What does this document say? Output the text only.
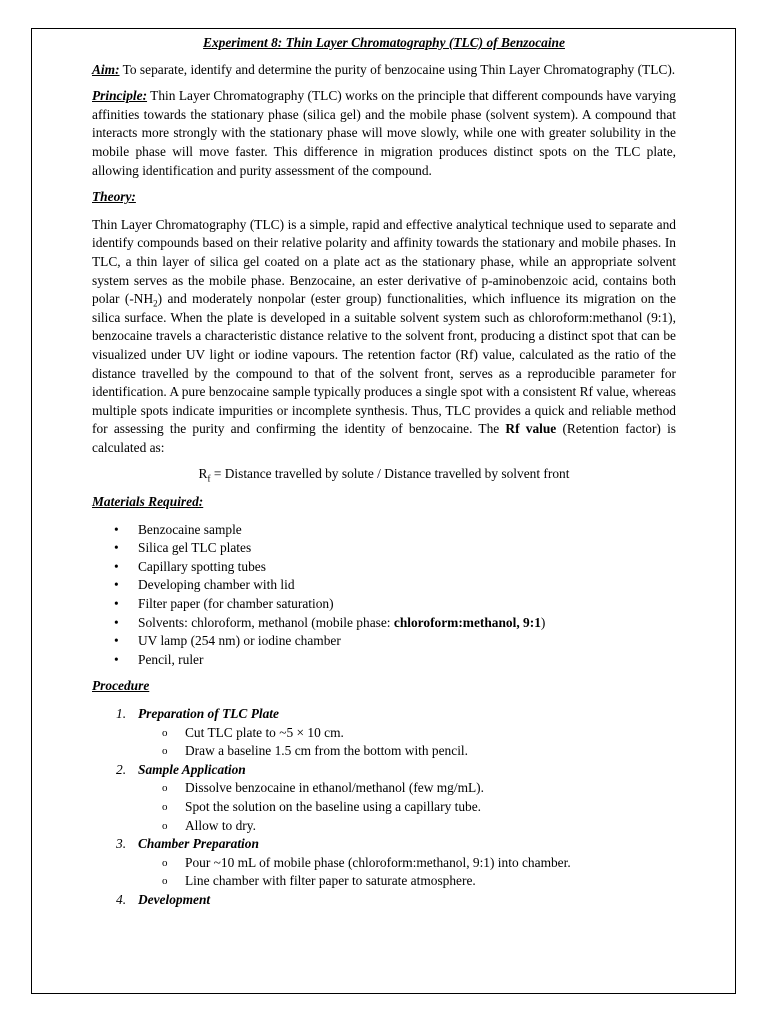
Experiment 8: Thin Layer Chromatography (TLC) of Benzocaine

Aim: To separate, identify and determine the purity of benzocaine using Thin Layer Chromatography (TLC).

Principle: Thin Layer Chromatography (TLC) works on the principle that different compounds have varying affinities towards the stationary phase (silica gel) and the mobile phase (solvent system). A compound that interacts more strongly with the stationary phase will move slowly, while one with greater solubility in the mobile phase will move faster. This difference in migration produces distinct spots on the TLC plate, allowing identification and purity assessment of the compound.

Theory:

Thin Layer Chromatography (TLC) is a simple, rapid and effective analytical technique used to separate and identify compounds based on their relative polarity and affinity towards the stationary and mobile phases. In TLC, a thin layer of silica gel coated on a plate act as the stationary phase, while an appropriate solvent system serves as the mobile phase. Benzocaine, an ester derivative of p-aminobenzoic acid, contains both polar $(-NH_2)$ and moderately nonpolar (ester group) functionalities, which influence its migration on the silica surface. When the plate is developed in a suitable solvent system such as chloroform:methanol (9:1), benzocaine travels a characteristic distance relative to the solvent front, producing a distinct spot that can be visualized under UV light or iodine vapours. The retention factor (Rf) value, calculated as the ratio of the distance travelled by the compound to that of the solvent front, serves as a reproducible parameter for identification. A pure benzocaine sample typically produces a single spot with a consistent Rf value, whereas multiple spots indicate impurities or incomplete synthesis. Thus, TLC provides a quick and reliable method for assessing the purity and confirming the identity of benzocaine. The Rf value (Retention factor) is calculated as:

$R_f$ = Distance travelled by solute / Distance travelled by solvent front
Materials Required:
• Benzocaine sample
• Silica gel TLC plates
• Capillary spotting tubes
• Developing chamber with lid
• Filter paper (for chamber saturation)
• Solvents: chloroform, methanol (mobile phase: chloroform:methanol, 9:1)
• UV lamp (254 nm) or iodine chamber
• Pencil, ruler
Procedure
1. Preparation of TLC Plate
o Cut TLC plate to ~5 × 10 cm.
o Draw a baseline 1.5 cm from the bottom with pencil.
2. Sample Application
o Dissolve benzocaine in ethanol/methanol (few mg/mL).
o Spot the solution on the baseline using a capillary tube.
o Allow to dry.
3. Chamber Preparation
o Pour ~10 mL of mobile phase (chloroform:methanol, 9:1) into chamber.
o Line chamber with filter paper to saturate atmosphere.
4. Development
